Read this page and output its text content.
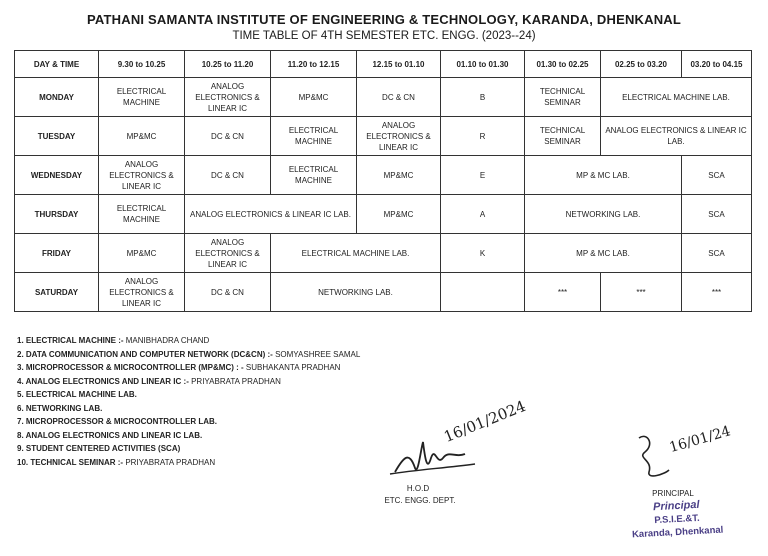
PATHANI SAMANTA INSTITUTE OF ENGINEERING & TECHNOLOGY, KARANDA, DHENKANAL
TIME TABLE OF 4TH SEMESTER ETC. ENGG. (2023--24)
DAY & TIME	9.30 to 10.25	10.25 to 11.20	11.20 to 12.15	12.15 to 01.10	01.10 to 01.30	01.30 to 02.25	02.25 to 03.20	03.20 to 04.15
MONDAY	ELECTRICAL MACHINE	ANALOG ELECTRONICS & LINEAR IC	MP&MC	DC & CN	B	TECHNICAL SEMINAR	ELECTRICAL MACHINE LAB.	
TUESDAY	MP&MC	DC & CN	ELECTRICAL MACHINE	ANALOG ELECTRONICS & LINEAR IC	R	TECHNICAL SEMINAR	ANALOG ELECTRONICS & LINEAR IC LAB.	
WEDNESDAY	ANALOG ELECTRONICS & LINEAR IC	DC & CN	ELECTRICAL MACHINE	MP&MC	E	MP & MC LAB.		SCA
THURSDAY	ELECTRICAL MACHINE	ANALOG ELECTRONICS & LINEAR IC LAB.		MP&MC	A	NETWORKING LAB.		SCA
FRIDAY	MP&MC	ANALOG ELECTRONICS & LINEAR IC	ELECTRICAL MACHINE LAB.		K	MP & MC LAB.		SCA
SATURDAY	ANALOG ELECTRONICS & LINEAR IC	DC & CN	NETWORKING LAB.			***	***	***
1. ELECTRICAL MACHINE :- MANIBHADRA CHAND
2. DATA COMMUNICATION AND COMPUTER NETWORK (DC&CN) :- SOMYASHREE SAMAL
3. MICROPROCESSOR & MICROCONTROLLER (MP&MC) : - SUBHAKANTA PRADHAN
4. ANALOG ELECTRONICS AND LINEAR IC :- PRIYABRATA PRADHAN
5. ELECTRICAL MACHINE LAB.
6. NETWORKING LAB.
7. MICROPROCESSOR & MICROCONTROLLER LAB.
8. ANALOG ELECTRONICS AND LINEAR IC LAB.
9. STUDENT CENTERED ACTIVITIES (SCA)
10. TECHNICAL SEMINAR :- PRIYABRATA PRADHAN
16/01/2024
H.O.D
ETC. ENGG. DEPT.
16/01/24
PRINCIPAL
Principal
P.S.I.E.&T.
Karanda, Dhenkanal
